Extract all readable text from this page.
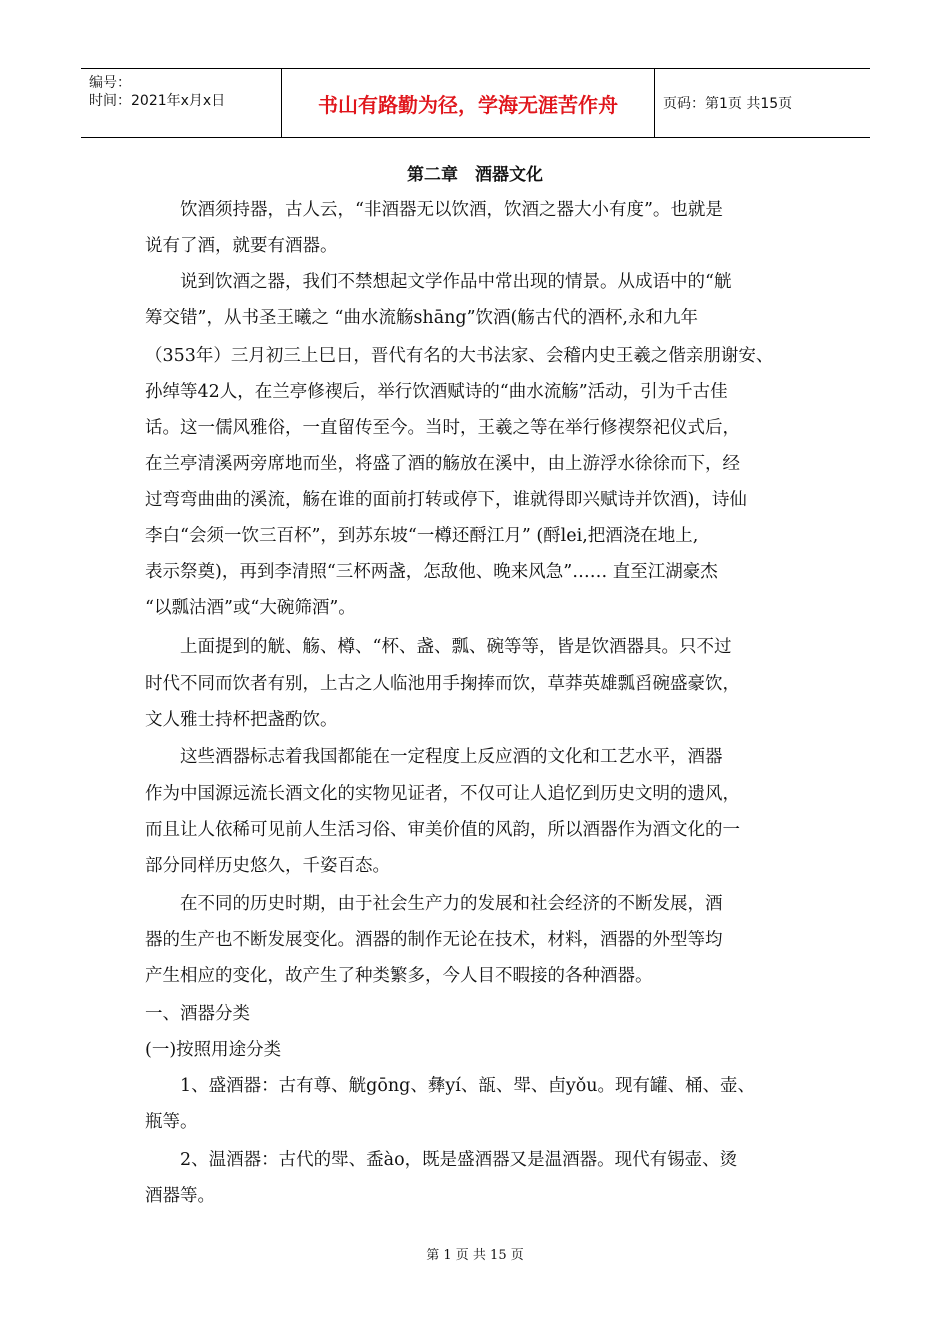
编号：
时间：2021年x月x日	书山有路勤为径，学海无涯苦作舟	页码：第1页 共15页
第二章　酒器文化
饮酒须持器，古人云，“非酒器无以饮酒，饮酒之器大小有度”。也就是
说有了酒，就要有酒器。
说到饮酒之器，我们不禁想起文学作品中常出现的情景。从成语中的“觥
筹交错”，从书圣王曦之 “曲水流觞shāng”饮酒(觞古代的酒杯,永和九年
（353年）三月初三上巳日，晋代有名的大书法家、会稽内史王羲之偕亲朋谢安、
孙绰等42人，在兰亭修禊后，举行饮酒赋诗的“曲水流觞”活动，引为千古佳
话。这一儒风雅俗，一直留传至今。当时，王羲之等在举行修禊祭祀仪式后，
在兰亭清溪两旁席地而坐，将盛了酒的觞放在溪中，由上游浮水徐徐而下，经
过弯弯曲曲的溪流，觞在谁的面前打转或停下，谁就得即兴赋诗并饮酒)，诗仙
李白“会须一饮三百杯”，到苏东坡“一樽还酹江月” (酹lei,把酒浇在地上,
表示祭奠)，再到李清照“三杯两盏，怎敌他、晚来风急”…… 直至江湖豪杰
“以瓢沽酒”或“大碗筛酒”。
上面提到的觥、觞、樽、“杯、盏、瓢、碗等等，皆是饮酒器具。只不过
时代不同而饮者有别，上古之人临池用手掬捧而饮，草莽英雄瓢舀碗盛豪饮，
文人雅士持杯把盏酌饮。
这些酒器标志着我国都能在一定程度上反应酒的文化和工艺水平，酒器
作为中国源远流长酒文化的实物见证者，不仅可让人追忆到历史文明的遗风，
而且让人依稀可见前人生活习俗、审美价值的风韵，所以酒器作为酒文化的一
部分同样历史悠久，千姿百态。
在不同的历史时期，由于社会生产力的发展和社会经济的不断发展，酒
器的生产也不断发展变化。酒器的制作无论在技术，材料，酒器的外型等均
产生相应的变化，故产生了种类繁多，今人目不暇接的各种酒器。
一、酒器分类
(一)按照用途分类
1、盛酒器：古有尊、觥gōng、彝yí、瓿、斝、卣yǒu。现有罐、桶、壶、
瓶等。
2、温酒器：古代的斝、盉ào，既是盛酒器又是温酒器。现代有锡壶、烫
酒器等。
第 1 页 共 15 页
